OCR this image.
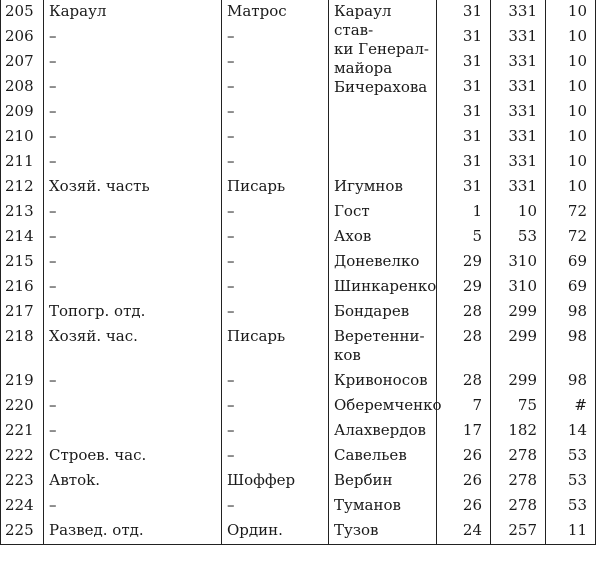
205	Караул	Матрос	Караул став-
ки Генерал-
майора
Бичерахова	31	331	10
206	–	–		31	331	10
207	–	–		31	331	10
208	–	–		31	331	10
209	–	–		31	331	10
210	–	–		31	331	10
211	–	–		31	331	10
212	Хозяй. часть	Писарь	Игумнов	31	331	10
213	–	–	Гост	1	10	72
214	–	–	Ахов	5	53	72
215	–	–	Доневелко	29	310	69
216	–	–	Шинкаренко	29	310	69
217	Топогр. отд.	–	Бондарев	28	299	98
218	Хозяй. час.	Писарь	Веретенни-
ков	28	299	98
219	–	–	Кривоносов	28	299	98
220	–	–	Оберемченко	7	75	#
221	–	–	Алахвердов	17	182	14
222	Строев. час.	–	Савельев	26	278	53
223	Автоk.	Шоффер	Вербин	26	278	53
224	–	–	Туманов	26	278	53
225	Развед. отд.	Ордин.	Тузов	24	257	11
